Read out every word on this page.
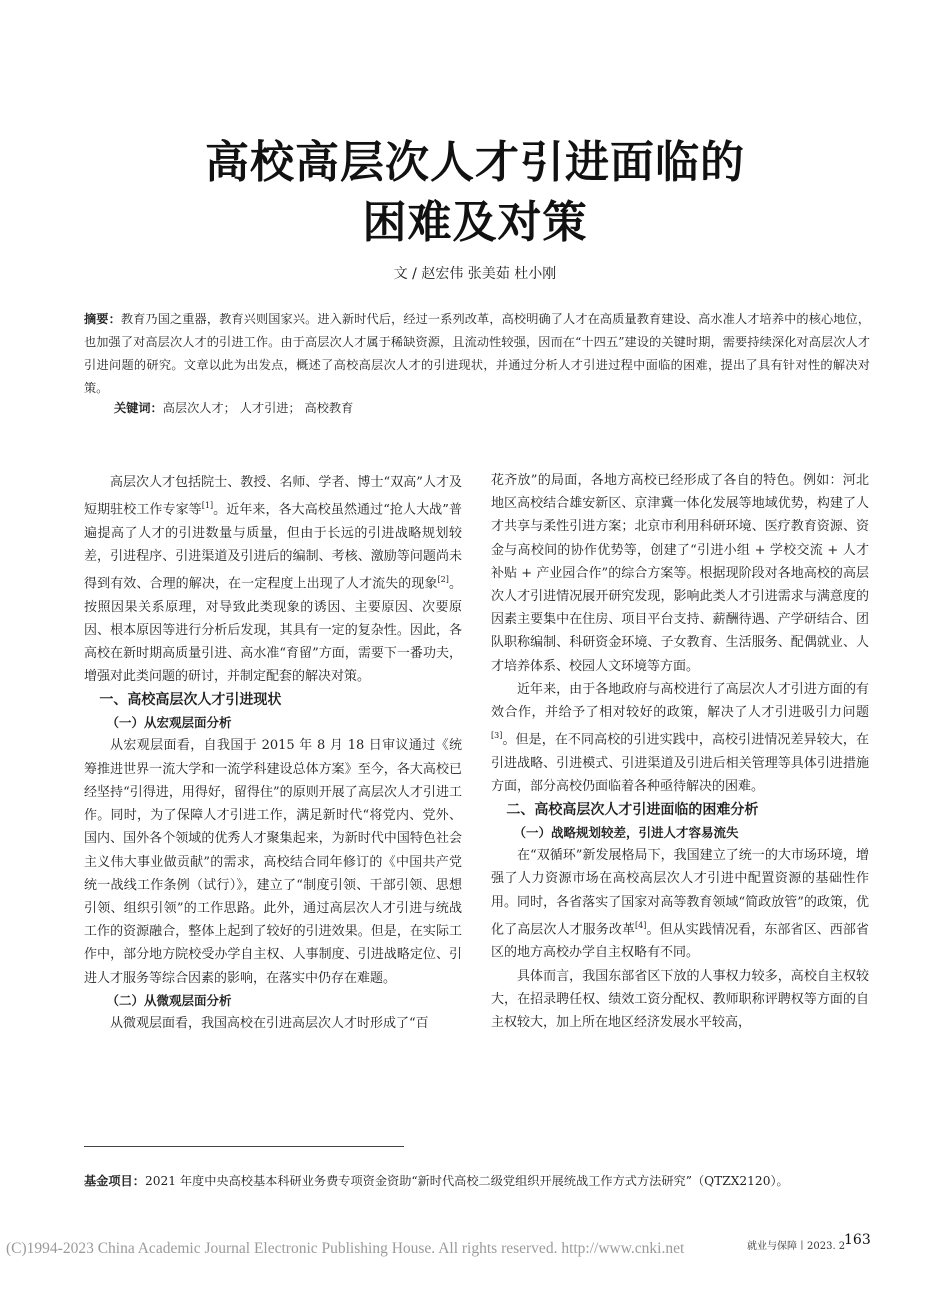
高校高层次人才引进面临的
困难及对策
文 / 赵宏伟 张美茹 杜小刚
摘要：教育乃国之重器，教育兴则国家兴。进入新时代后，经过一系列改革，高校明确了人才在高质量教育建设、高水准人才培养中的核心地位，也加强了对高层次人才的引进工作。由于高层次人才属于稀缺资源，且流动性较强，因而在“十四五”建设的关键时期，需要持续深化对高层次人才引进问题的研究。文章以此为出发点，概述了高校高层次人才的引进现状，并通过分析人才引进过程中面临的困难，提出了具有针对性的解决对策。
关键词：高层次人才； 人才引进； 高校教育

高层次人才包括院士、教授、名师、学者、博士“双高”人才及短期驻校工作专家等[1]。近年来，各大高校虽然通过“抢人大战”普遍提高了人才的引进数量与质量，但由于长远的引进战略规划较差，引进程序、引进渠道及引进后的编制、考核、激励等问题尚未得到有效、合理的解决，在一定程度上出现了人才流失的现象[2]。按照因果关系原理，对导致此类现象的诱因、主要原因、次要原因、根本原因等进行分析后发现，其具有一定的复杂性。因此，各高校在新时期高质量引进、高水准“育留”方面，需要下一番功夫，增强对此类问题的研讨，并制定配套的解决对策。

一、高校高层次人才引进现状
（一）从宏观层面分析

从宏观层面看，自我国于 2015 年 8 月 18 日审议通过《统筹推进世界一流大学和一流学科建设总体方案》至今，各大高校已经坚持“引得进，用得好，留得住”的原则开展了高层次人才引进工作。同时，为了保障人才引进工作，满足新时代“将党内、党外、国内、国外各个领域的优秀人才聚集起来，为新时代中国特色社会主义伟大事业做贡献”的需求，高校结合同年修订的《中国共产党统一战线工作条例（试行）》，建立了“制度引领、干部引领、思想引领、组织引领”的工作思路。此外，通过高层次人才引进与统战工作的资源融合，整体上起到了较好的引进效果。但是，在实际工作中，部分地方院校受办学自主权、人事制度、引进战略定位、引进人才服务等综合因素的影响，在落实中仍存在难题。

（二）从微观层面分析

从微观层面看，我国高校在引进高层次人才时形成了“百

花齐放”的局面，各地方高校已经形成了各自的特色。例如：河北地区高校结合雄安新区、京津冀一体化发展等地域优势，构建了人才共享与柔性引进方案；北京市利用科研环境、医疗教育资源、资金与高校间的协作优势等，创建了“引进小组 + 学校交流 + 人才补贴 + 产业园合作”的综合方案等。根据现阶段对各地高校的高层次人才引进情况展开研究发现，影响此类人才引进需求与满意度的因素主要集中在住房、项目平台支持、薪酬待遇、产学研结合、团队职称编制、科研资金环境、子女教育、生活服务、配偶就业、人才培养体系、校园人文环境等方面。

近年来，由于各地政府与高校进行了高层次人才引进方面的有效合作，并给予了相对较好的政策，解决了人才引进吸引力问题[3]。但是，在不同高校的引进实践中，高校引进情况差异较大，在引进战略、引进模式、引进渠道及引进后相关管理等具体引进措施方面，部分高校仍面临着各种亟待解决的困难。

二、高校高层次人才引进面临的困难分析
（一）战略规划较差，引进人才容易流失

在“双循环”新发展格局下，我国建立了统一的大市场环境，增强了人力资源市场在高校高层次人才引进中配置资源的基础性作用。同时，各省落实了国家对高等教育领域“简政放管”的政策，优化了高层次人才服务改革[4]。但从实践情况看，东部省区、西部省区的地方高校办学自主权略有不同。

具体而言，我国东部省区下放的人事权力较多，高校自主权较大，在招录聘任权、绩效工资分配权、教师职称评聘权等方面的自主权较大，加上所在地区经济发展水平较高，

基金项目：2021 年度中央高校基本科研业务费专项资金资助“新时代高校二级党组织开展统战工作方式方法研究”（QTZX2120）。
(C)1994-2023 China Academic Journal Electronic Publishing House. All rights reserved. http://www.cnki.net	就业与保障丨2023. 2
163
